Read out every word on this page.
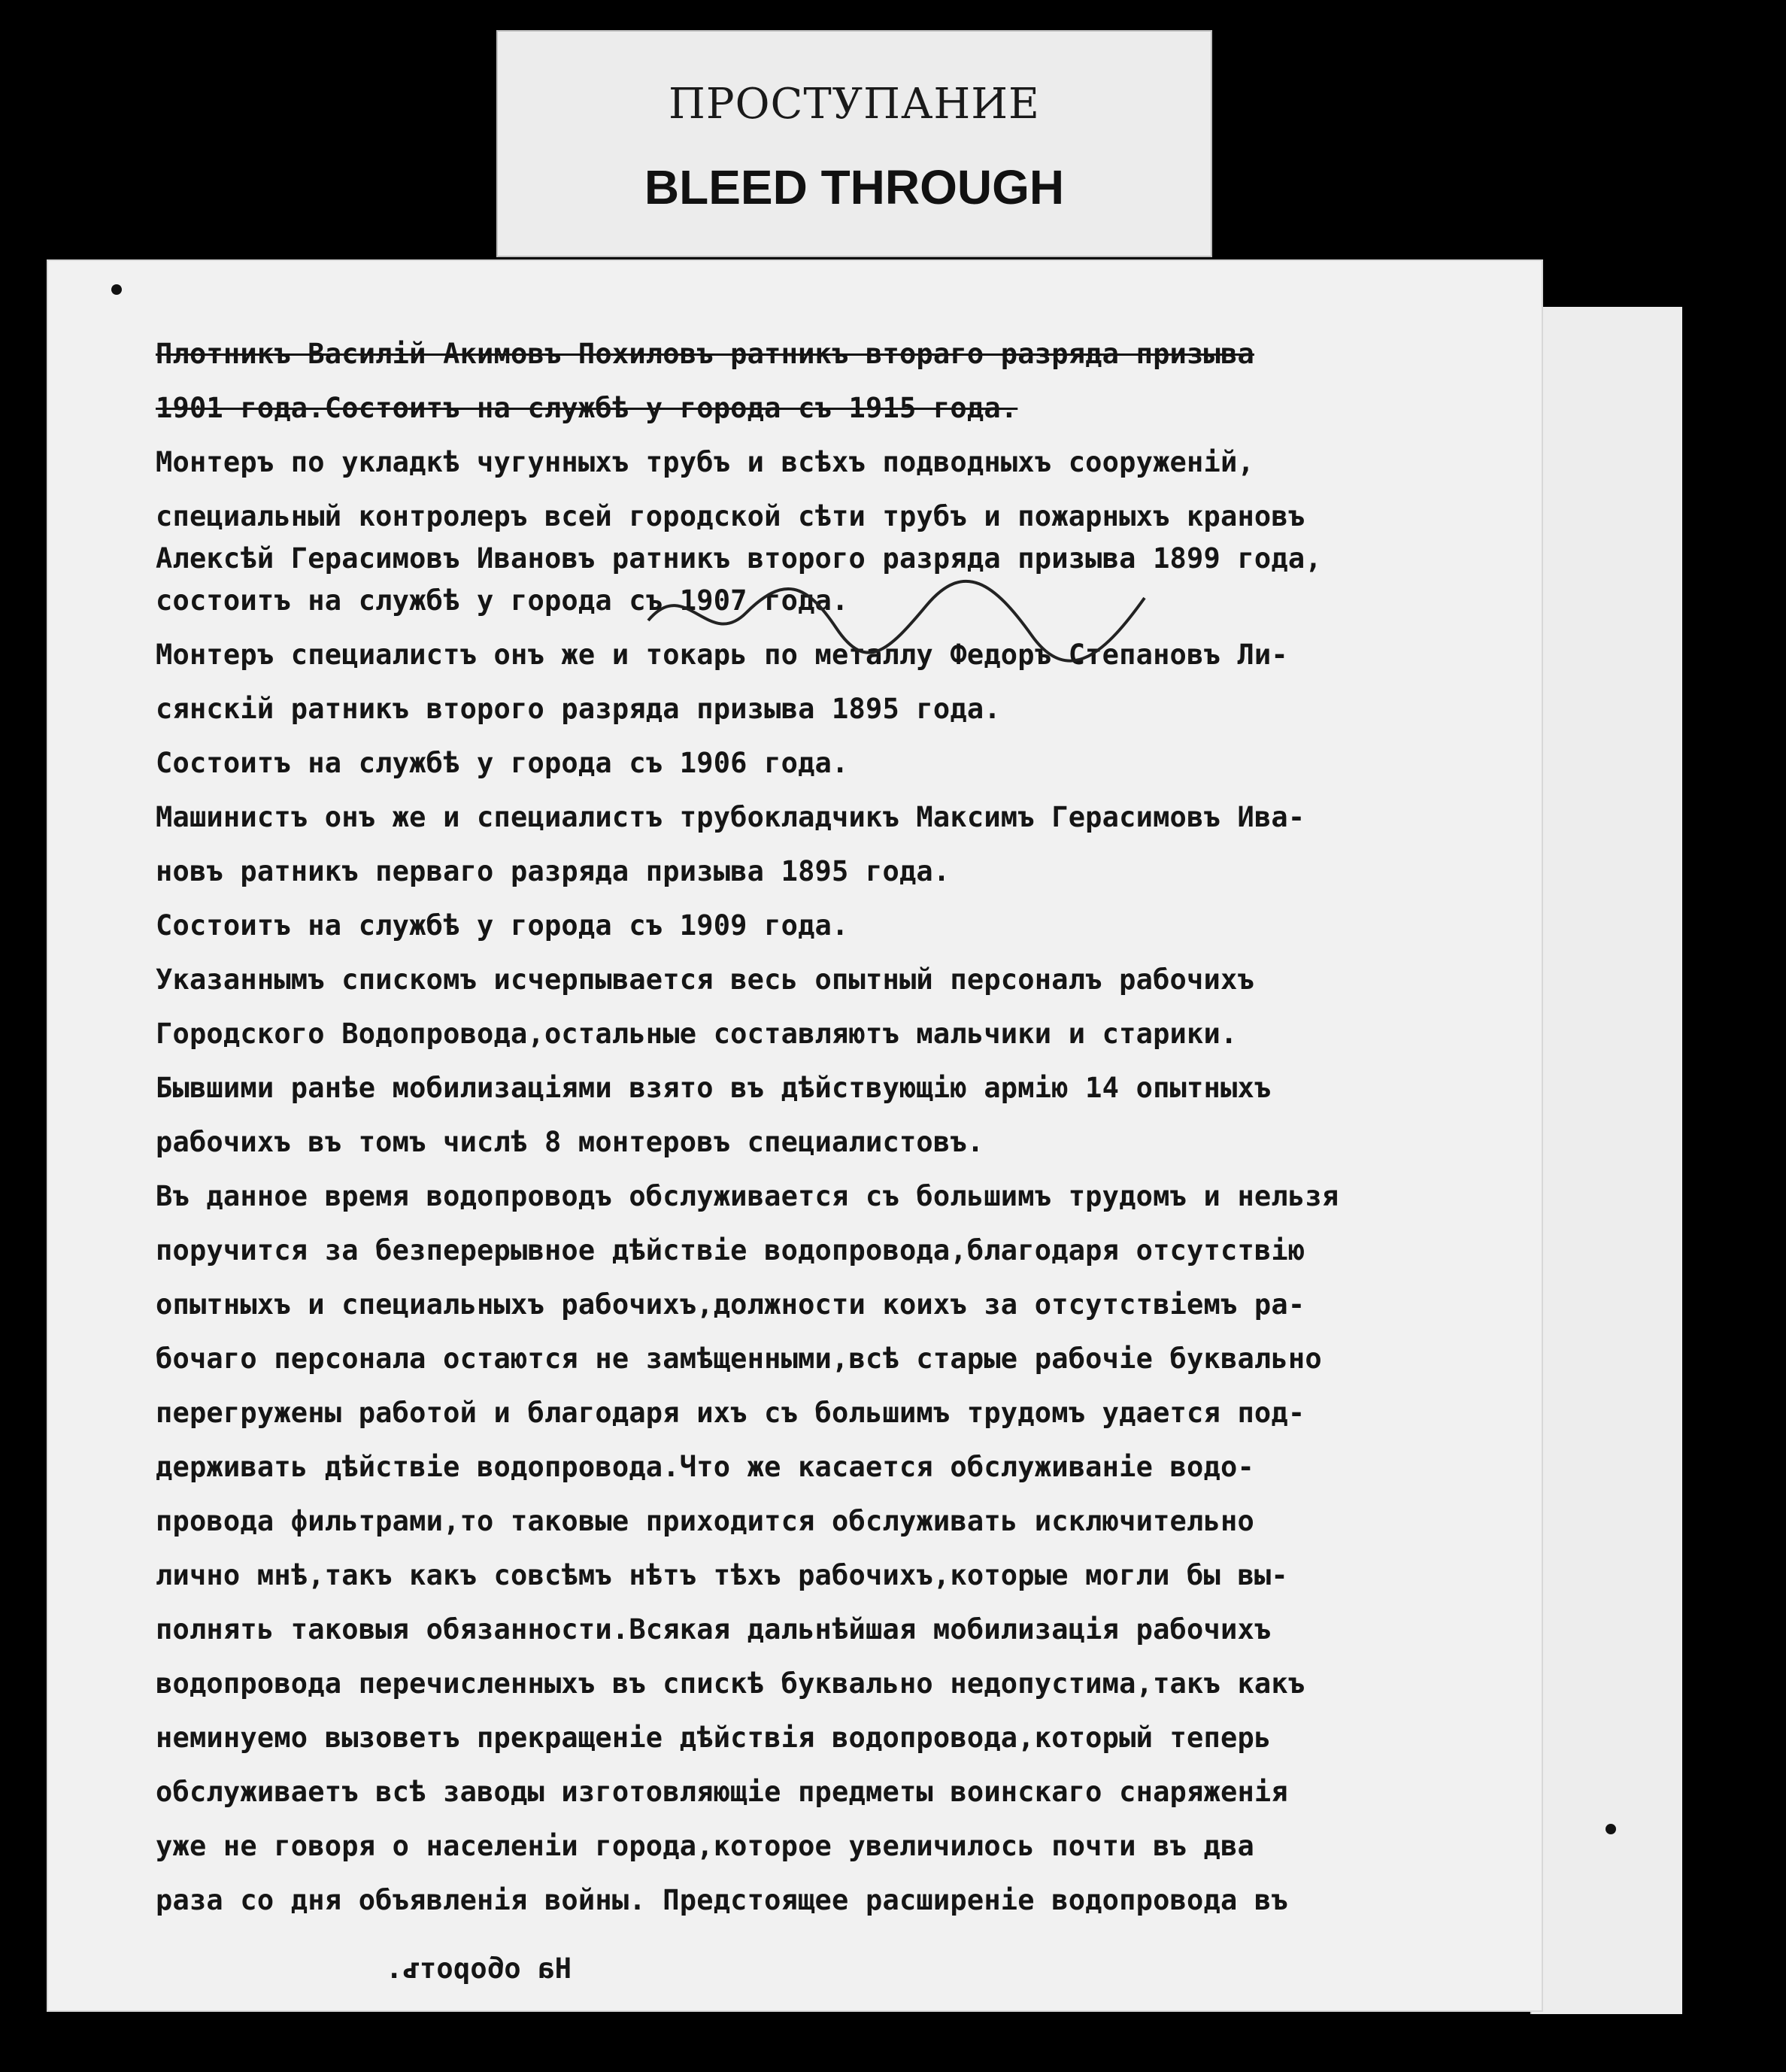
ПРОСТУПАНИЕ
BLEED THROUGH
Плотникъ Василiй Акимовъ Похиловъ ратникъ втораго разряда призыва
1901 года.Состоитъ на службѣ у города съ 1915 года.
Монтеръ по укладкѣ чугунныхъ трубъ и всѣхъ подводныхъ сооруженiй,
специальный контролеръ всей городской сѣти трубъ и пожарныхъ крановъ
Алексѣй Герасимовъ Ивановъ ратникъ второго разряда призыва 1899 года,
состоитъ на службѣ у города съ 1907 года.
Монтеръ специалистъ онъ же и токарь по металлу Федоръ Степановъ Ли-
сянскiй ратникъ второго разряда призыва 1895 года.
Состоитъ на службѣ у города съ 1906 года.
Машинистъ онъ же и специалистъ трубокладчикъ Максимъ Герасимовъ Ива-
новъ ратникъ перваго разряда призыва 1895 года.
Состоитъ на службѣ у города съ 1909 года.
Указаннымъ спискомъ исчерпывается весь опытный персоналъ рабочихъ
Городского Водопровода,остальные составляютъ мальчики и старики.
Бывшими ранѣе мобилизацiями взято въ дѣйствующiю армiю 14 опытныхъ
рабочихъ въ томъ числѣ 8 монтеровъ специалистовъ.
Въ данное время водопроводъ обслуживается съ большимъ трудомъ и нельзя
поручится за безперерывное дѣйствiе водопровода,благодаря отсутствiю
опытныхъ и специальныхъ рабочихъ,должности коихъ за отсутствiемъ ра-
бочаго персонала остаются не замѣщенными,всѣ старые рабочiе буквально
перегружены работой и благодаря ихъ съ большимъ трудомъ удается под-
держивать дѣйствiе водопровода.Что же касается обслуживанiе водо-
провода фильтрами,то таковые приходится обслуживать исключительно
лично мнѣ,такъ какъ совсѣмъ нѣтъ тѣхъ рабочихъ,которые могли бы вы-
полнять таковыя обязанности.Всякая дальнѣйшая мобилизацiя рабочихъ
водопровода перечисленныхъ въ спискѣ буквально недопустима,такъ какъ
неминуемо вызоветъ прекращенiе дѣйствiя водопровода,который теперь
обслуживаетъ всѣ заводы изготовляющiе предметы воинскаго снаряженiя
уже не говоря о населенiи города,которое увеличилось почти въ два
раза со дня объявленiя войны. Предстоящее расширенiе водопровода въ
На оборотъ.
